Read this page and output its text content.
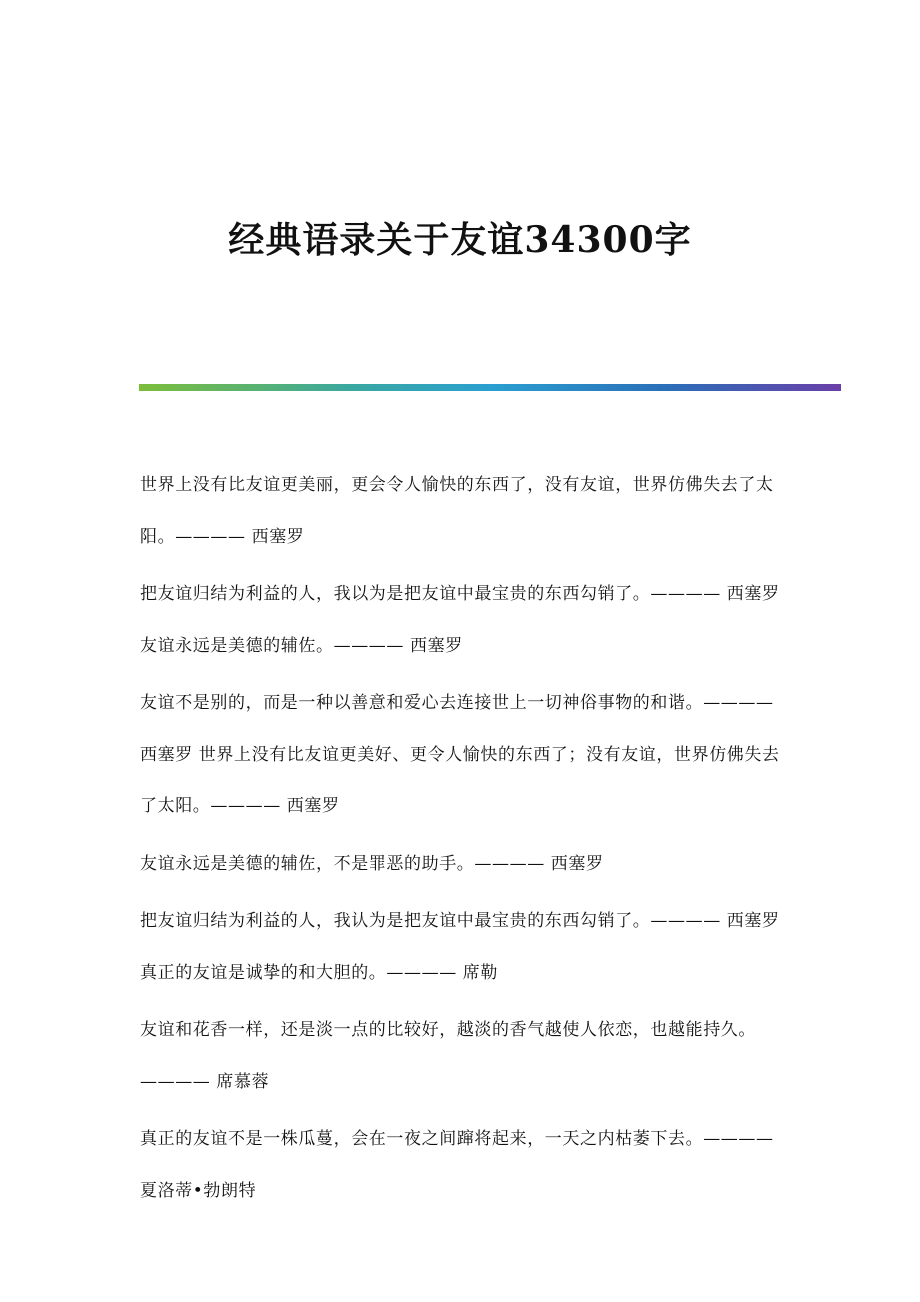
经典语录关于友谊34300字

世界上没有比友谊更美丽，更会令人愉快的东西了，没有友谊，世界仿佛失去了太阳。———— 西塞罗

把友谊归结为利益的人，我以为是把友谊中最宝贵的东西勾销了。———— 西塞罗 友谊永远是美德的辅佐。———— 西塞罗

友谊不是别的，而是一种以善意和爱心去连接世上一切神俗事物的和谐。———— 西塞罗 世界上没有比友谊更美好、更令人愉快的东西了；没有友谊，世界仿佛失去了太阳。———— 西塞罗

友谊永远是美德的辅佐，不是罪恶的助手。———— 西塞罗

把友谊归结为利益的人，我认为是把友谊中最宝贵的东西勾销了。———— 西塞罗 真正的友谊是诚挚的和大胆的。———— 席勒

友谊和花香一样，还是淡一点的比较好，越淡的香气越使人依恋，也越能持久。———— 席慕蓉

真正的友谊不是一株瓜蔓，会在一夜之间蹿将起来，一天之内枯萎下去。———— 夏洛蒂•勃朗特
